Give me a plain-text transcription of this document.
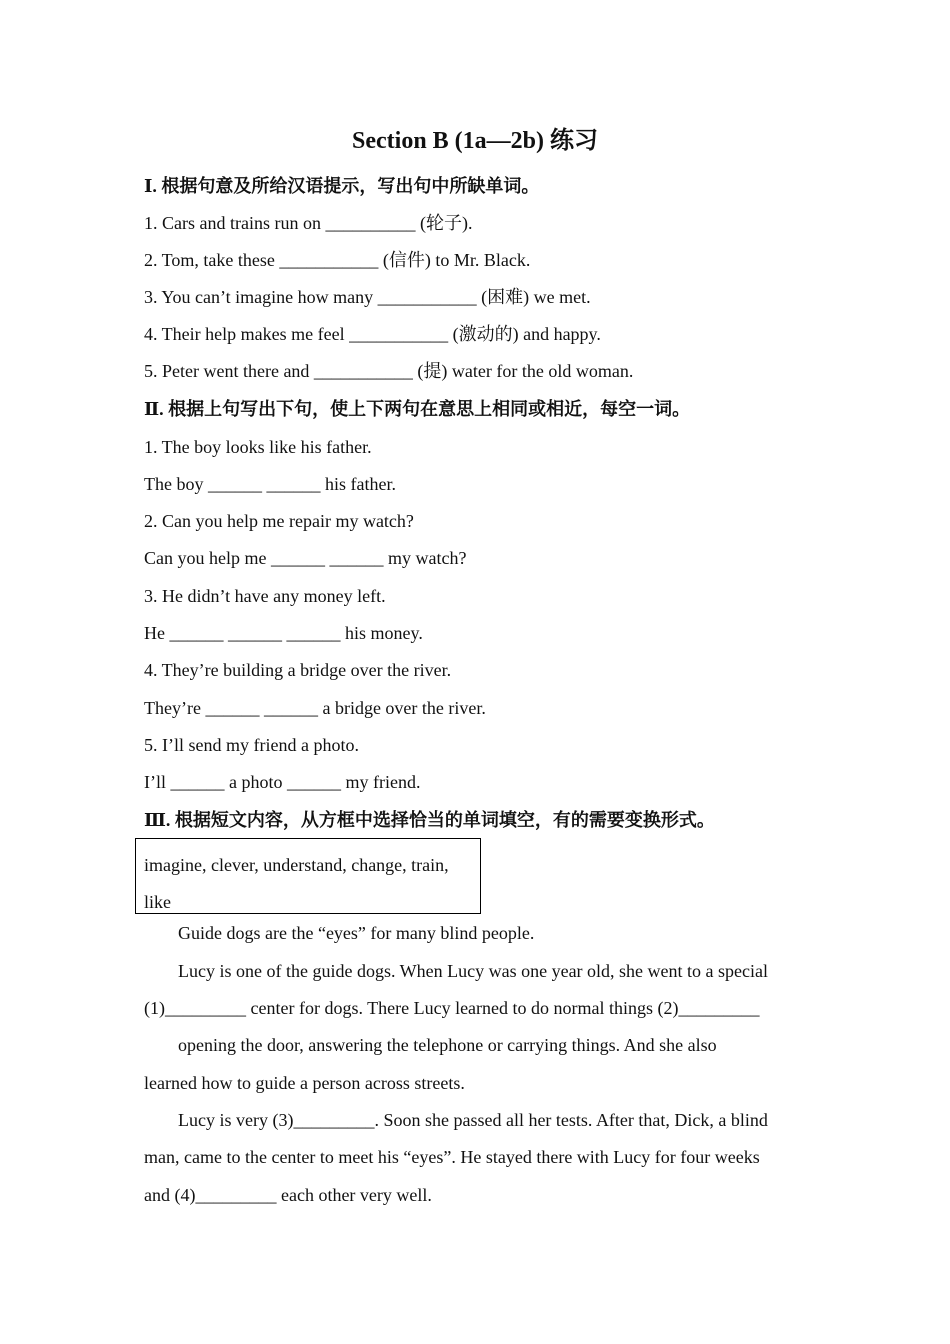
Section B (1a—2b) 练习
Ⅰ. 根据句意及所给汉语提示，写出句中所缺单词。
1. Cars and trains run on __________ (轮子).
2. Tom, take these ___________ (信件) to Mr. Black.
3. You can’t imagine how many ___________ (困难) we met.
4. Their help makes me feel ___________ (激动的) and happy.
5. Peter went there and ___________ (提) water for the old woman.
Ⅱ. 根据上句写出下句，使上下两句在意思上相同或相近，每空一词。
1. The boy looks like his father.
The boy ______ ______ his father.
2. Can you help me repair my watch?
Can you help me ______ ______ my watch?
3. He didn’t have any money left.
He ______ ______ ______ his money.
4. They’re building a bridge over the river.
They’re ______ ______ a bridge over the river.
5. I’ll send my friend a photo.
I’ll ______ a photo ______ my friend.
Ⅲ. 根据短文内容，从方框中选择恰当的单词填空，有的需要变换形式。
imagine, clever, understand, change, train, like
Guide dogs are the “eyes” for many blind people.
Lucy is one of the guide dogs. When Lucy was one year old, she went to a special
(1)_________ center for dogs. There Lucy learned to do normal things (2)_________
opening the door, answering the telephone or carrying things. And she also
learned how to guide a person across streets.
Lucy is very (3)_________. Soon she passed all her tests. After that, Dick, a blind
man, came to the center to meet his “eyes”. He stayed there with Lucy for four weeks
and (4)_________ each other very well.
